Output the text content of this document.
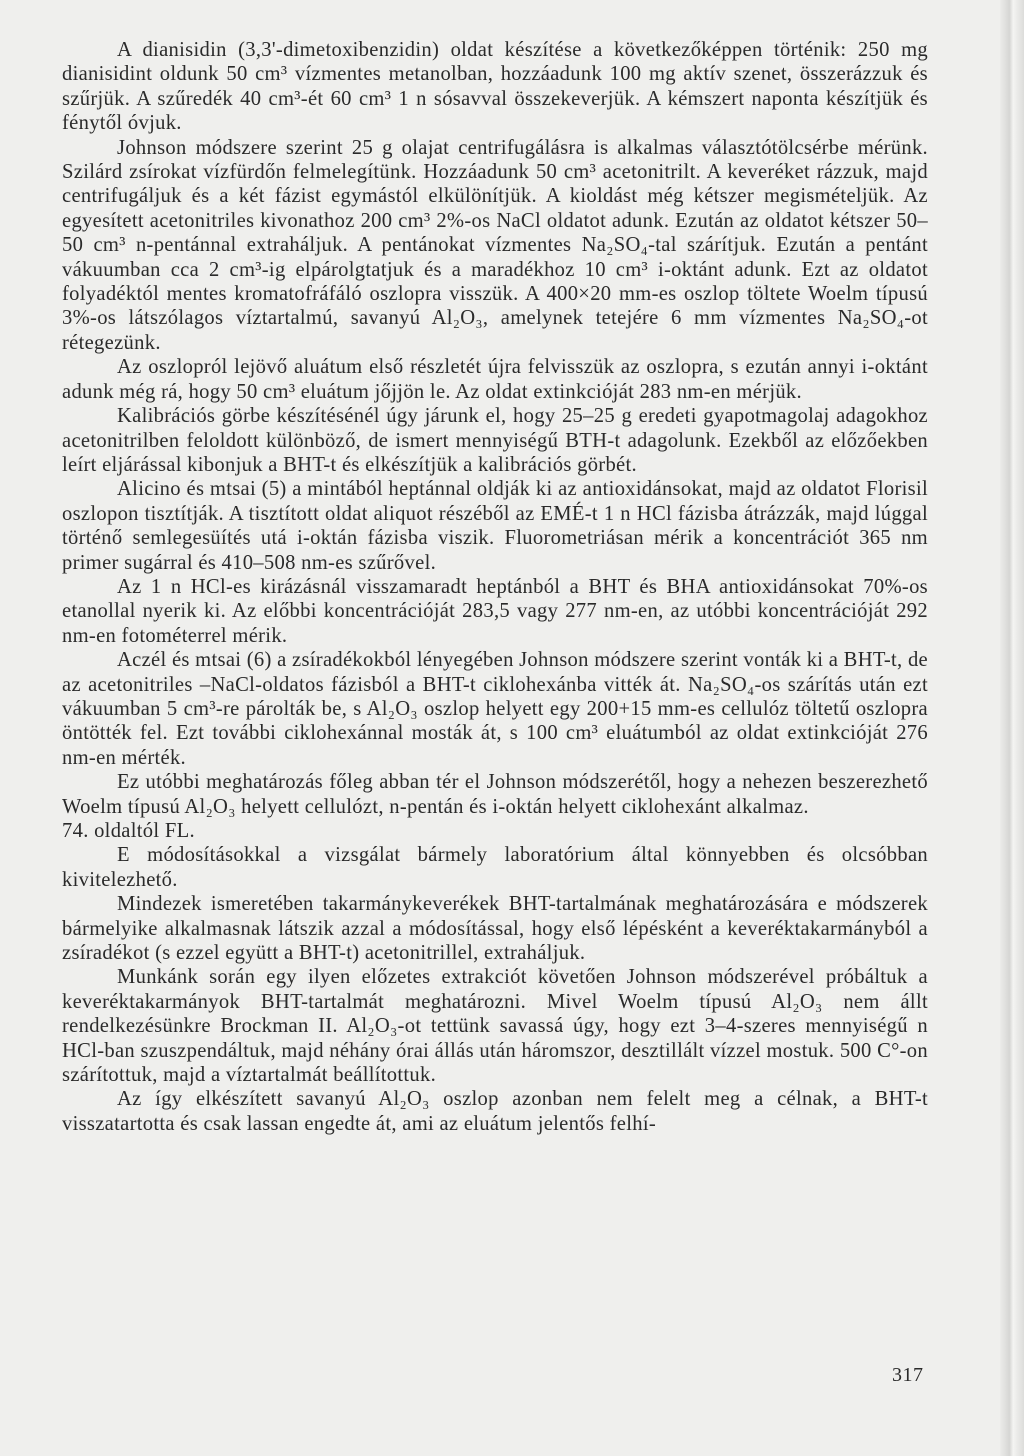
A dianisidin (3,3'-dimetoxibenzidin) oldat készítése a következőképpen történik: 250 mg dianisidint oldunk 50 cm³ vízmentes metanolban, hozzáadunk 100 mg aktív szenet, összerázzuk és szűrjük. A szűredék 40 cm³-ét 60 cm³ 1 n sósavval összekeverjük. A kémszert naponta készítjük és fénytől óvjuk.

Johnson módszere szerint 25 g olajat centrifugálásra is alkalmas választótölcsérbe mérünk. Szilárd zsírokat vízfürdőn felmelegítünk. Hozzáadunk 50 cm³ acetonitrilt. A keveréket rázzuk, majd centrifugáljuk és a két fázist egymástól elkülönítjük. A kioldást még kétszer megismételjük. Az egyesített acetonitriles kivonathoz 200 cm³ 2%-os NaCl oldatot adunk. Ezután az oldatot kétszer 50–50 cm³ n-pentánnal extraháljuk. A pentánokat vízmentes Na₂SO₄-tal szárítjuk. Ezután a pentánt vákuumban cca 2 cm³-ig elpárolgtatjuk és a maradékhoz 10 cm³ i-oktánt adunk. Ezt az oldatot folyadéktól mentes kromatofráfáló oszlopra visszük. A 400×20 mm-es oszlop töltete Woelm típusú 3%-os látszólagos víztartalmú, savanyú Al₂O₃, amelynek tetejére 6 mm vízmentes Na₂SO₄-ot rétegezünk.

Az oszlopról lejövő aluátum első részletét újra felvisszük az oszlopra, s ezután annyi i-oktánt adunk még rá, hogy 50 cm³ eluátum jőjjön le. Az oldat extinkcióját 283 nm-en mérjük.

Kalibrációs görbe készítésénél úgy járunk el, hogy 25–25 g eredeti gyapotmagolaj adagokhoz acetonitrilben feloldott különböző, de ismert mennyiségű BTH-t adagolunk. Ezekből az előzőekben leírt eljárással kibonjuk a BHT-t és elkészítjük a kalibrációs görbét.

Alicino és mtsai (5) a mintából heptánnal oldják ki az antioxidánsokat, majd az oldatot Florisil oszlopon tisztítják. A tisztított oldat aliquot részéből az EMÉ-t 1 n HCl fázisba átrázzák, majd lúggal történő semlegesüítés utá i-oktán fázisba viszik. Fluorometriásan mérik a koncentrációt 365 nm primer sugárral és 410–508 nm-es szűrővel.

Az 1 n HCl-es kirázásnál visszamaradt heptánból a BHT és BHA antioxidánsokat 70%-os etanollal nyerik ki. Az előbbi koncentrációját 283,5 vagy 277 nm-en, az utóbbi koncentrációját 292 nm-en fotométerrel mérik.

Aczél és mtsai (6) a zsíradékokból lényegében Johnson módszere szerint vonták ki a BHT-t, de az acetonitriles –NaCl-oldatos fázisból a BHT-t ciklohexánba vitték át. Na₂SO₄-os szárítás után ezt vákuumban 5 cm³-re párolták be, s Al₂O₃ oszlop helyett egy 200+15 mm-es cellulóz töltetű oszlopra öntötték fel. Ezt további ciklohexánnal mosták át, s 100 cm³ eluátumból az oldat extinkcióját 276 nm-en mérték.

Ez utóbbi meghatározás főleg abban tér el Johnson módszerétől, hogy a nehezen beszerezhető Woelm típusú Al₂O₃ helyett cellulózt, n-pentán és i-oktán helyett ciklohexánt alkalmaz.

74. oldaltól FL.

E módosításokkal a vizsgálat bármely laboratórium által könnyebben és olcsóbban kivitelezhető.

Mindezek ismeretében takarmánykeverékek BHT-tartalmának meghatározására e módszerek bármelyike alkalmasnak látszik azzal a módosítással, hogy első lépésként a keveréktakarmányból a zsíradékot (s ezzel együtt a BHT-t) acetonitrillel, extraháljuk.

Munkánk során egy ilyen előzetes extrakciót követően Johnson módszerével próbáltuk a keveréktakarmányok BHT-tartalmát meghatározni. Mivel Woelm típusú Al₂O₃ nem állt rendelkezésünkre Brockman II. Al₂O₃-ot tettünk savassá úgy, hogy ezt 3–4-szeres mennyiségű n HCl-ban szuszpendáltuk, majd néhány órai állás után háromszor, desztillált vízzel mostuk. 500 C°-on szárítottuk, majd a víztartalmát beállítottuk.

Az így elkészített savanyú Al₂O₃ oszlop azonban nem felelt meg a célnak, a BHT-t visszatartotta és csak lassan engedte át, ami az eluátum jelentős felhí-

317
